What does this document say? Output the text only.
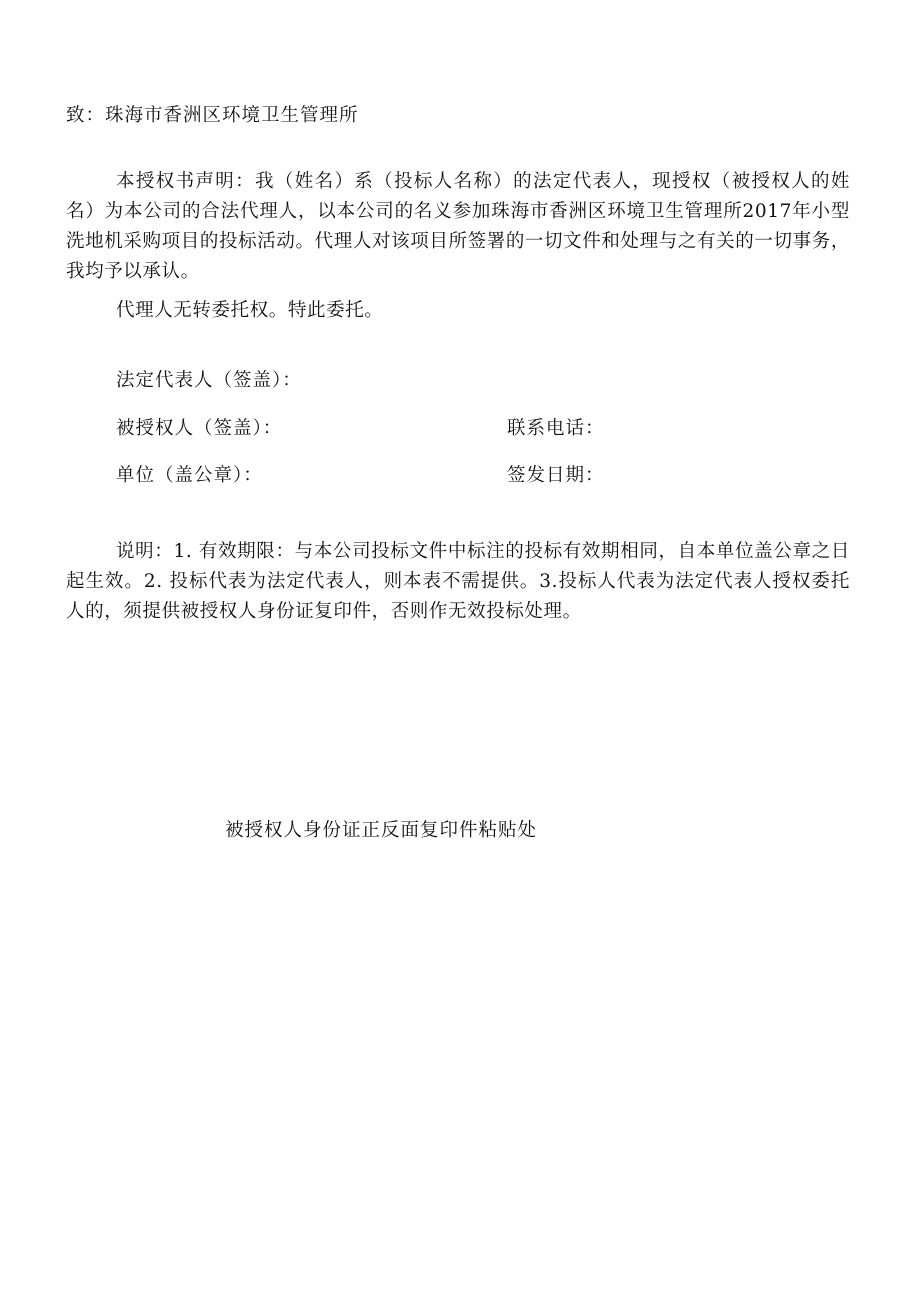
致：珠海市香洲区环境卫生管理所
本授权书声明：我（姓名）系（投标人名称）的法定代表人，现授权（被授权人的姓名）为本公司的合法代理人，以本公司的名义参加珠海市香洲区环境卫生管理所2017年小型洗地机采购项目的投标活动。代理人对该项目所签署的一切文件和处理与之有关的一切事务，我均予以承认。
代理人无转委托权。特此委托。
法定代表人（签盖）：
被授权人（签盖）：	联系电话：
单位（盖公章）：	签发日期：
说明：1. 有效期限：与本公司投标文件中标注的投标有效期相同，自本单位盖公章之日起生效。2. 投标代表为法定代表人，则本表不需提供。3.投标人代表为法定代表人授权委托人的，须提供被授权人身份证复印件，否则作无效投标处理。
被授权人身份证正反面复印件粘贴处
